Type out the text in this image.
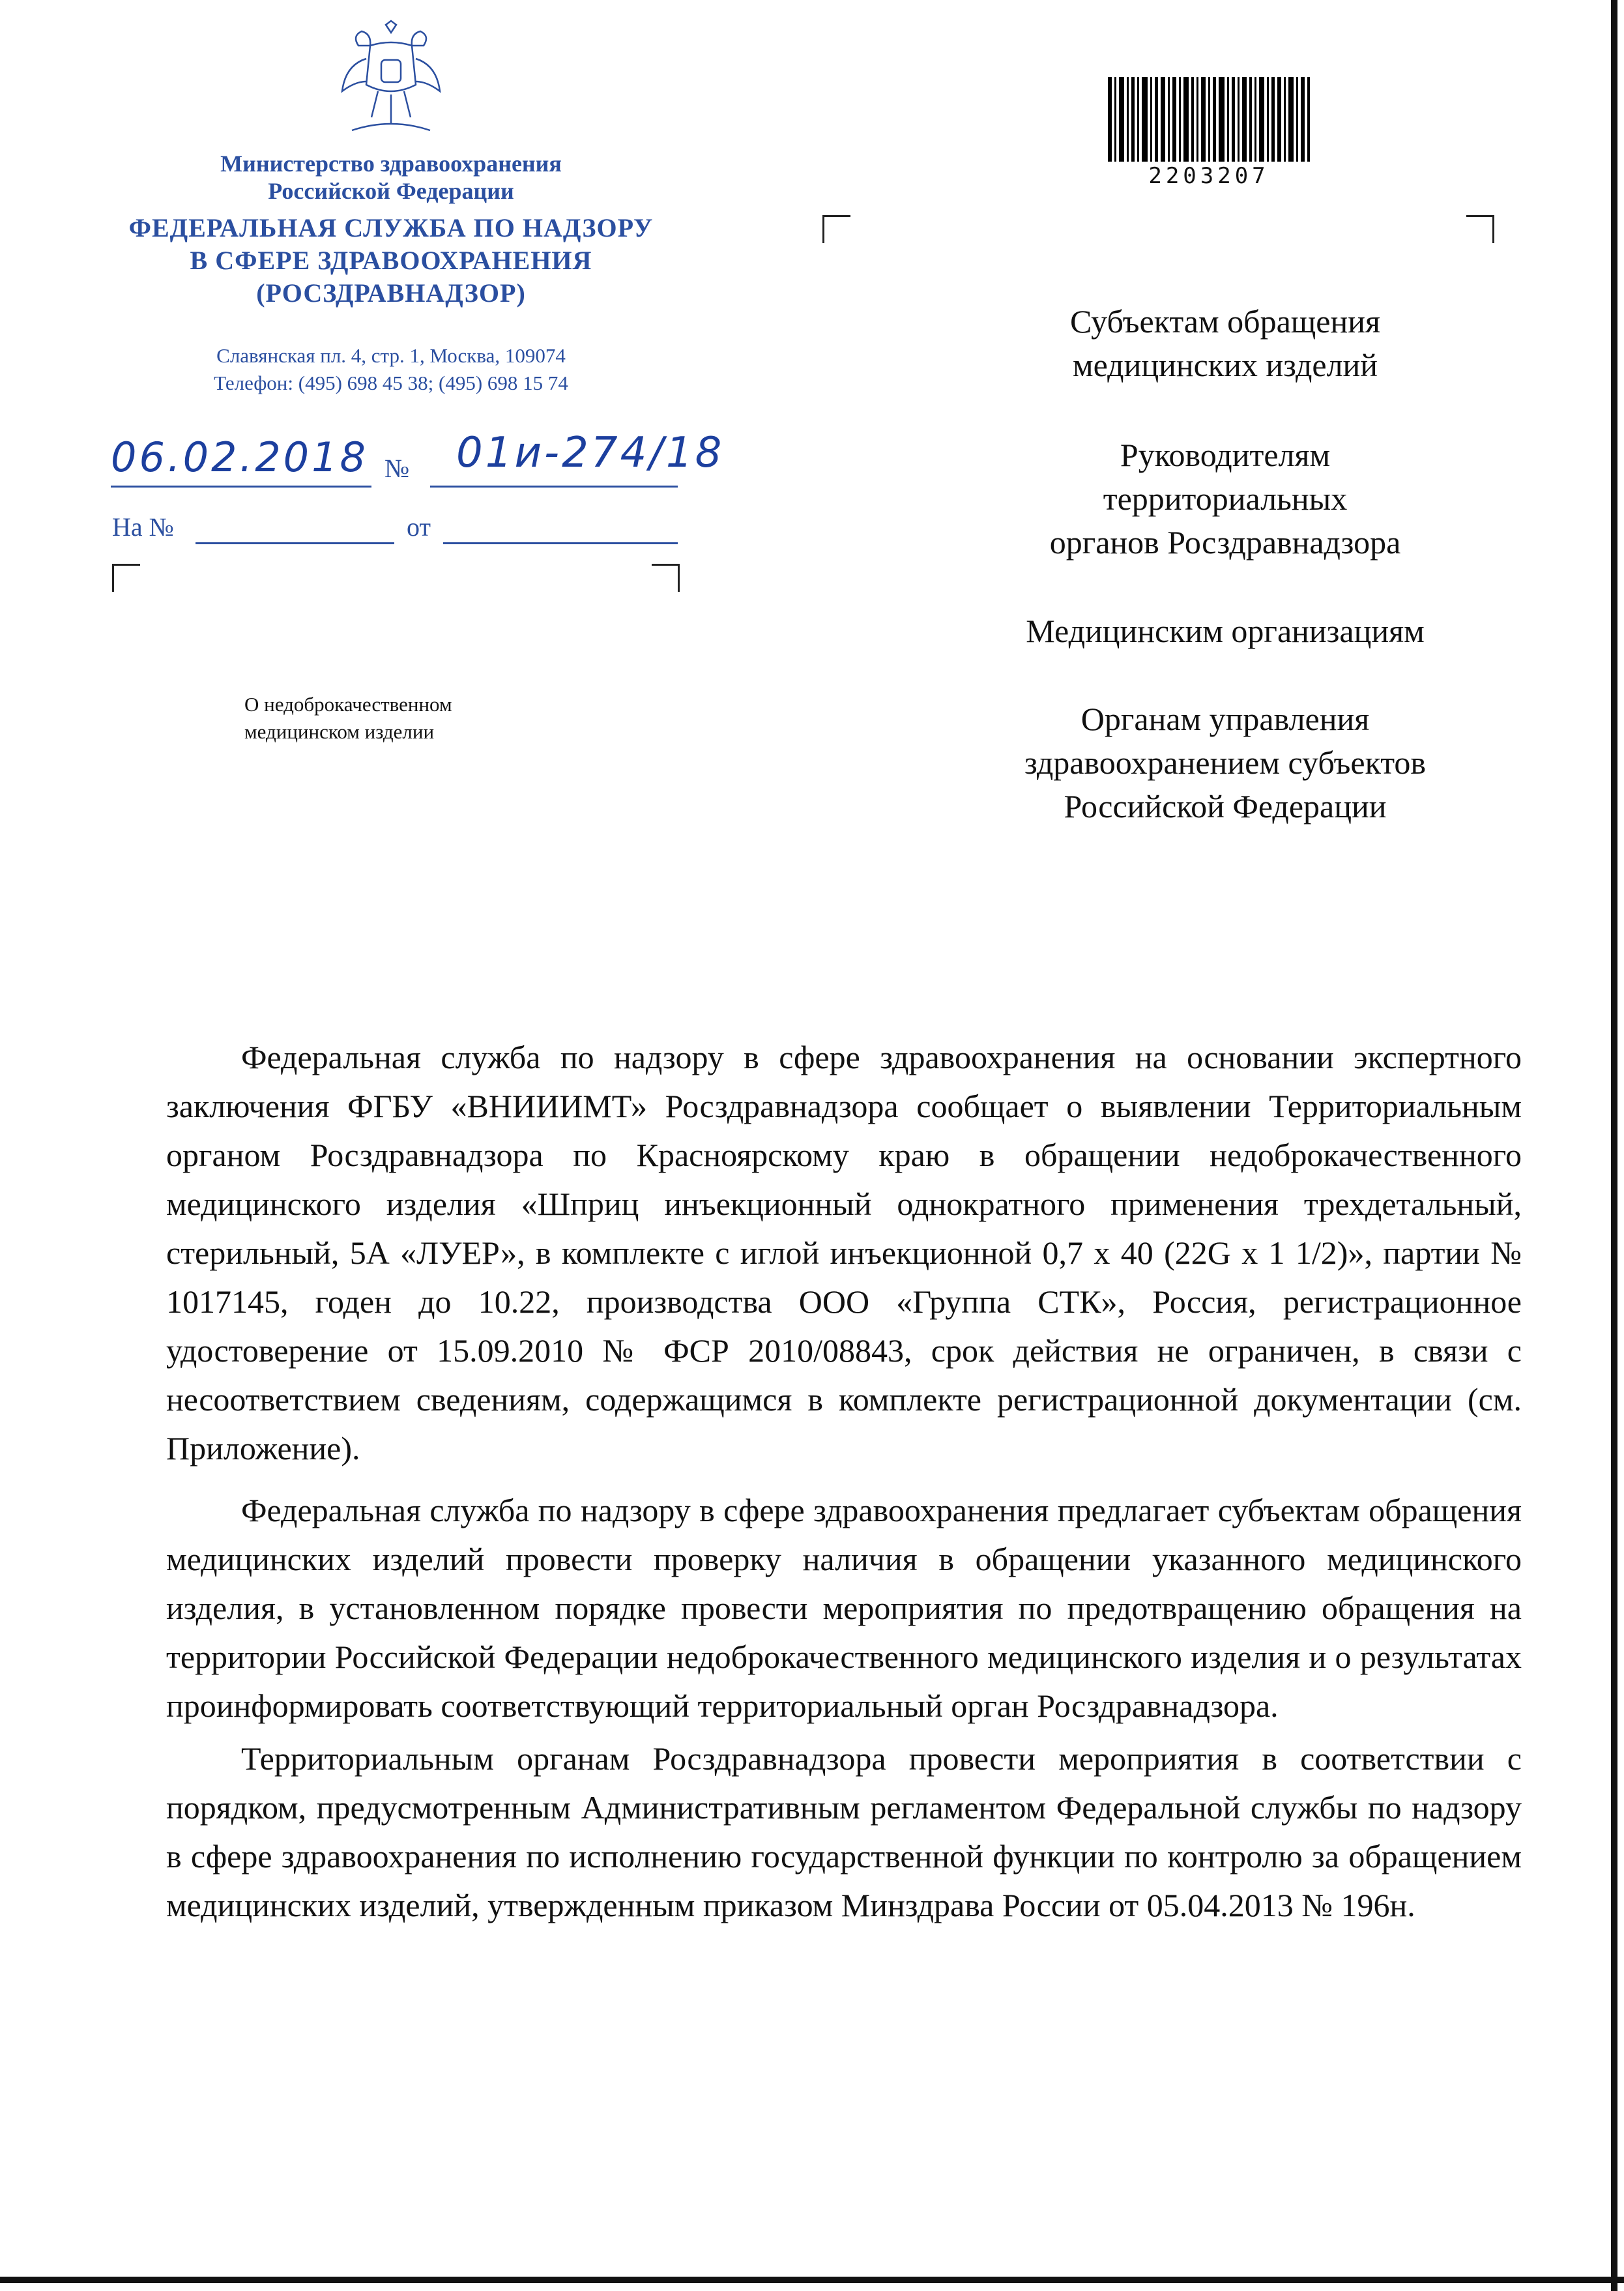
Министерство здравоохранения
Российской Федерации
ФЕДЕРАЛЬНАЯ СЛУЖБА ПО НАДЗОРУ
В СФЕРЕ ЗДРАВООХРАНЕНИЯ
(РОСЗДРАВНАДЗОР)
Славянская пл. 4, стр. 1, Москва, 109074
Телефон: (495) 698 45 38; (495) 698 15 74
06.02.2018 № 01и-274/18
На №	от
О недоброкачественном
медицинском изделии
2203207
Субъектам обращения
медицинских изделий
Руководителям
территориальных
органов Росздравнадзора
Медицинским организациям
Органам управления
здравоохранением субъектов
Российской Федерации

Федеральная служба по надзору в сфере здравоохранения на основании экспертного заключения ФГБУ «ВНИИИМТ» Росздравнадзора сообщает о выявлении Территориальным органом Росздравнадзора по Красноярскому краю в обращении недоброкачественного медицинского изделия «Шприц инъекционный однократного применения трехдетальный, стерильный, 5А «ЛУЕР», в комплекте с иглой инъекционной 0,7 х 40 (22G x 1 1/2)», партии № 1017145, годен до 10.22, производства ООО «Группа СТК», Россия, регистрационное удостоверение от 15.09.2010 № ФСР 2010/08843, срок действия не ограничен, в связи с несоответствием сведениям, содержащимся в комплекте регистрационной документации (см. Приложение).

Федеральная служба по надзору в сфере здравоохранения предлагает субъектам обращения медицинских изделий провести проверку наличия в обращении указанного медицинского изделия, в установленном порядке провести мероприятия по предотвращению обращения на территории Российской Федерации недоброкачественного медицинского изделия и о результатах проинформировать соответствующий территориальный орган Росздравнадзора.

Территориальным органам Росздравнадзора провести мероприятия в соответствии с порядком, предусмотренным Административным регламентом Федеральной службы по надзору в сфере здравоохранения по исполнению государственной функции по контролю за обращением медицинских изделий, утвержденным приказом Минздрава России от 05.04.2013 № 196н.
